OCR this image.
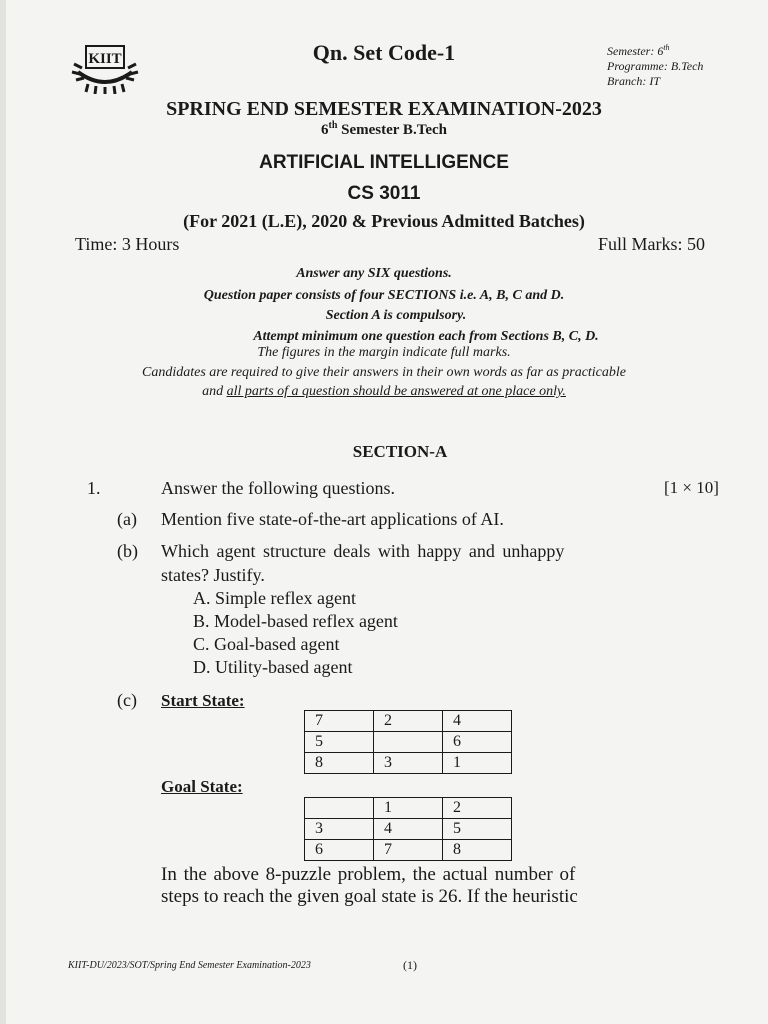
KIIT	Qn. Set Code-1	Semester: 6th
Programme: B.Tech
Branch: IT
SPRING END SEMESTER EXAMINATION-2023
6th Semester B.Tech
ARTIFICIAL INTELLIGENCE
CS 3011
(For 2021 (L.E), 2020 & Previous Admitted Batches)
Time: 3 Hours	Full Marks: 50
Answer any SIX questions.
Question paper consists of four SECTIONS i.e. A, B, C and D.
Section A is compulsory.
Attempt minimum one question each from Sections B, C, D.
The figures in the margin indicate full marks.
Candidates are required to give their answers in their own words as far as practicable
and all parts of a question should be answered at one place only.
SECTION-A
1.	Answer the following questions.	[1 × 10]
(a) Mention five state-of-the-art applications of AI.
(b) Which agent structure deals with happy and unhappy
states? Justify.
A. Simple reflex agent
B. Model-based reflex agent
C. Goal-based agent
D. Utility-based agent
(c) Start State:
7	2	4
5		6
8	3	1
Goal State:
	1	2
3	4	5
6	7	8
In the above 8-puzzle problem, the actual number of
steps to reach the given goal state is 26. If the heuristic
KIIT-DU/2023/SOT/Spring End Semester Examination-2023	(1)
